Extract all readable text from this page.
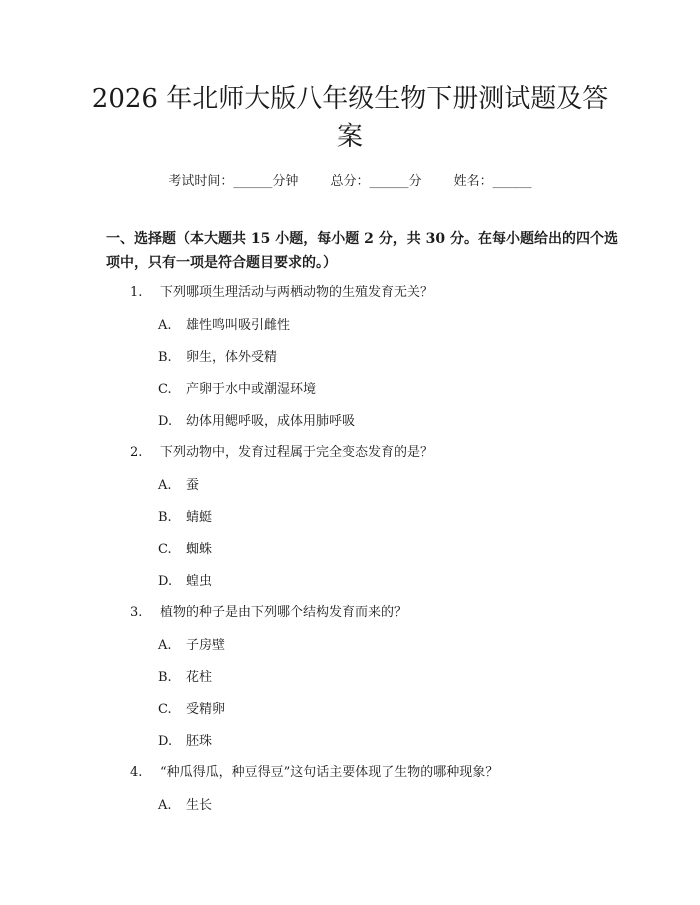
2026 年北师大版八年级生物下册测试题及答案
考试时间：______分钟 总分：______分 姓名：______
一、选择题（本大题共 15 小题，每小题 2 分，共 30 分。在每小题给出的四个选项中，只有一项是符合题目要求的。）
1. 下列哪项生理活动与两栖动物的生殖发育无关？
A. 雄性鸣叫吸引雌性
B. 卵生，体外受精
C. 产卵于水中或潮湿环境
D. 幼体用鳃呼吸，成体用肺呼吸
2. 下列动物中，发育过程属于完全变态发育的是？
A. 蚕
B. 蜻蜓
C. 蜘蛛
D. 蝗虫
3. 植物的种子是由下列哪个结构发育而来的？
A. 子房壁
B. 花柱
C. 受精卵
D. 胚珠
4. “种瓜得瓜，种豆得豆”这句话主要体现了生物的哪种现象？
A. 生长
